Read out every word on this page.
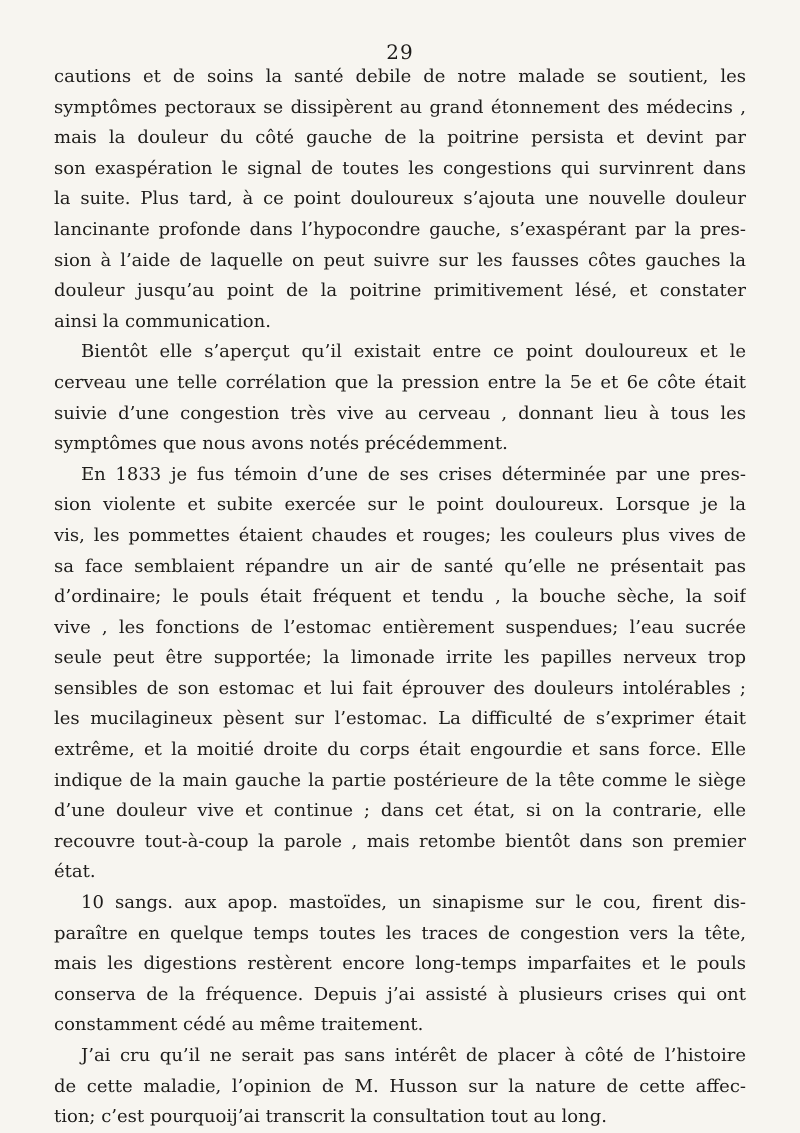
29
cautions et de soins la santé debile de notre malade se soutient, les
symptômes pectoraux se dissipèrent au grand étonnement des médecins ,
mais la douleur du côté gauche de la poitrine persista et devint par
son exaspération le signal de toutes les congestions qui survinrent dans
la suite. Plus tard, à ce point douloureux s’ajouta une nouvelle douleur
lancinante profonde dans l’hypocondre gauche, s’exaspérant par la pres-
sion à l’aide de laquelle on peut suivre sur les fausses côtes gauches la
douleur jusqu’au point de la poitrine primitivement lésé, et constater
ainsi la communication.
Bientôt elle s’aperçut qu’il existait entre ce point douloureux et le
cerveau une telle corrélation que la pression entre la 5e et 6e côte était
suivie d’une congestion très vive au cerveau , donnant lieu à tous les
symptômes que nous avons notés précédemment.
En 1833 je fus témoin d’une de ses crises déterminée par une pres-
sion violente et subite exercée sur le point douloureux. Lorsque je la
vis, les pommettes étaient chaudes et rouges; les couleurs plus vives de
sa face semblaient répandre un air de santé qu’elle ne présentait pas
d’ordinaire; le pouls était fréquent et tendu , la bouche sèche, la soif
vive , les fonctions de l’estomac entièrement suspendues; l’eau sucrée
seule peut être supportée; la limonade irrite les papilles nerveux trop
sensibles de son estomac et lui fait éprouver des douleurs intolérables ;
les mucilagineux pèsent sur l’estomac. La difficulté de s’exprimer était
extrême, et la moitié droite du corps était engourdie et sans force. Elle
indique de la main gauche la partie postérieure de la tête comme le siège
d’une douleur vive et continue ; dans cet état, si on la contrarie, elle
recouvre tout-à-coup la parole , mais retombe bientôt dans son premier
état.
10 sangs. aux apop. mastoïdes, un sinapisme sur le cou, firent dis-
paraître en quelque temps toutes les traces de congestion vers la tête,
mais les digestions restèrent encore long-temps imparfaites et le pouls
conserva de la fréquence. Depuis j’ai assisté à plusieurs crises qui ont
constamment cédé au même traitement.
J’ai cru qu’il ne serait pas sans intérêt de placer à côté de l’histoire
de cette maladie, l’opinion de M. Husson sur la nature de cette affec-
tion; c’est pourquoij’ai transcrit la consultation tout au long.
